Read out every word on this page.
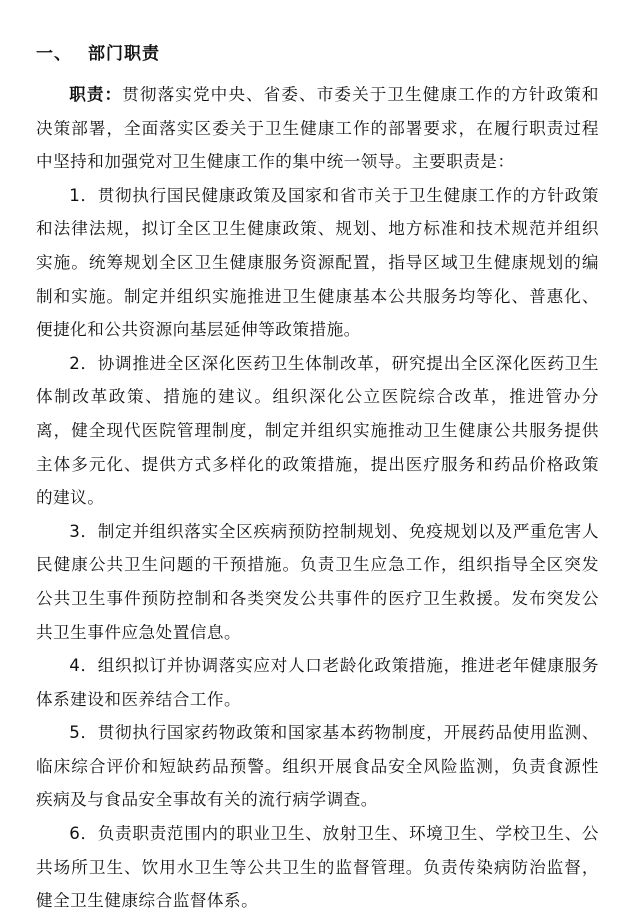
一、 部门职责

职责：贯彻落实党中央、省委、市委关于卫生健康工作的方针政策和决策部署，全面落实区委关于卫生健康工作的部署要求，在履行职责过程中坚持和加强党对卫生健康工作的集中统一领导。主要职责是：

1．贯彻执行国民健康政策及国家和省市关于卫生健康工作的方针政策和法律法规，拟订全区卫生健康政策、规划、地方标准和技术规范并组织实施。统筹规划全区卫生健康服务资源配置，指导区域卫生健康规划的编制和实施。制定并组织实施推进卫生健康基本公共服务均等化、普惠化、便捷化和公共资源向基层延伸等政策措施。

2．协调推进全区深化医药卫生体制改革，研究提出全区深化医药卫生体制改革政策、措施的建议。组织深化公立医院综合改革，推进管办分离，健全现代医院管理制度，制定并组织实施推动卫生健康公共服务提供主体多元化、提供方式多样化的政策措施，提出医疗服务和药品价格政策的建议。

3．制定并组织落实全区疾病预防控制规划、免疫规划以及严重危害人民健康公共卫生问题的干预措施。负责卫生应急工作，组织指导全区突发公共卫生事件预防控制和各类突发公共事件的医疗卫生救援。发布突发公共卫生事件应急处置信息。

4．组织拟订并协调落实应对人口老龄化政策措施，推进老年健康服务体系建设和医养结合工作。

5．贯彻执行国家药物政策和国家基本药物制度，开展药品使用监测、临床综合评价和短缺药品预警。组织开展食品安全风险监测，负责食源性疾病及与食品安全事故有关的流行病学调查。

6．负责职责范围内的职业卫生、放射卫生、环境卫生、学校卫生、公共场所卫生、饮用水卫生等公共卫生的监督管理。负责传染病防治监督，健全卫生健康综合监督体系。
